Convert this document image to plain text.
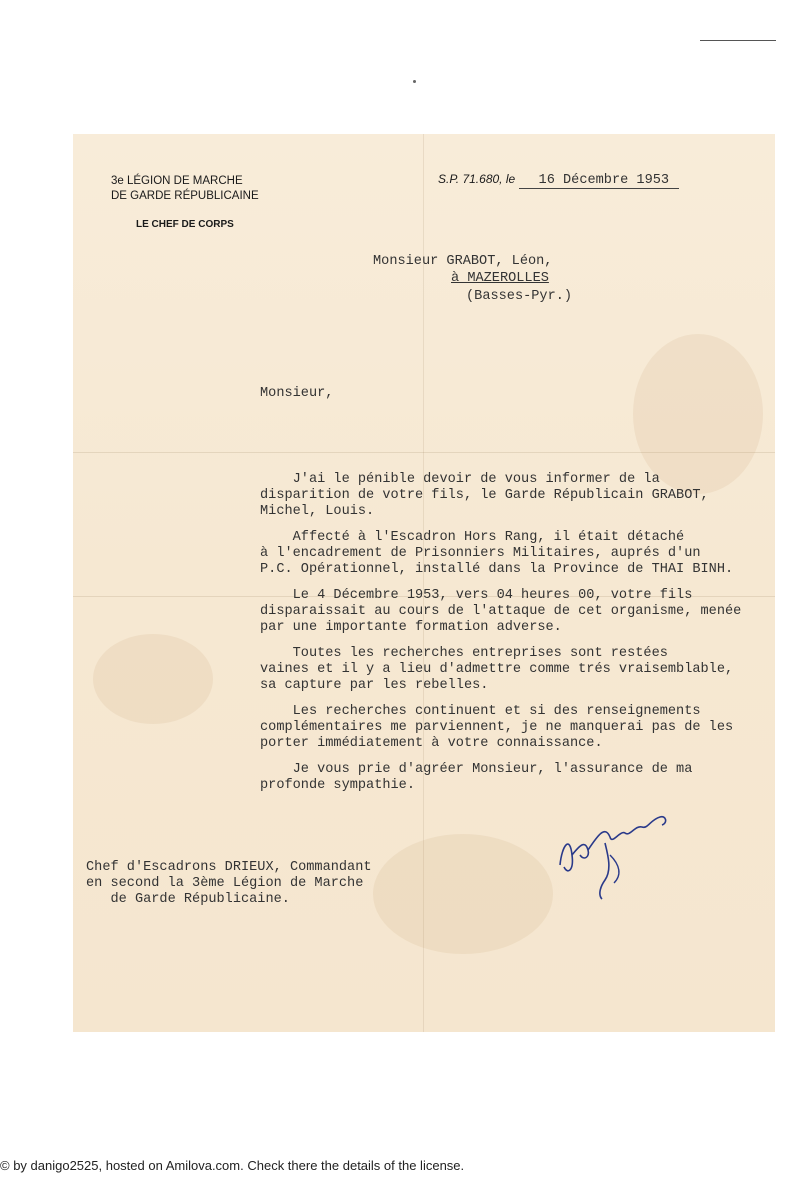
3e LÉGION DE MARCHE
DE GARDE RÉPUBLICAINE
LE CHEF DE CORPS
S.P. 71.680, le 16 Décembre 1953
Monsieur GRABOT, Léon,
à MAZEROLLES
(Basses-Pyr.)
Monsieur,
J'ai le pénible devoir de vous informer de la
disparition de votre fils, le Garde Républicain GRABOT,
Michel, Louis.
Affecté à l'Escadron Hors Rang, il était détaché
à l'encadrement de Prisonniers Militaires, auprés d'un
P.C. Opérationnel, installé dans la Province de THAI BINH.
Le 4 Décembre 1953, vers 04 heures 00, votre fils
disparaissait au cours de l'attaque de cet organisme, menée
par une importante formation adverse.
Toutes les recherches entreprises sont restées
vaines et il y a lieu d'admettre comme trés vraisemblable,
sa capture par les rebelles.
Les recherches continuent et si des renseignements
complémentaires me parviennent, je ne manquerai pas de les
porter immédiatement à votre connaissance.
Je vous prie d'agréer Monsieur, l'assurance de ma
profonde sympathie.
Chef d'Escadrons DRIEUX, Commandant
en second la 3ème Légion de Marche
de Garde Républicaine.
© by danigo2525, hosted on Amilova.com. Check there the details of the license.
